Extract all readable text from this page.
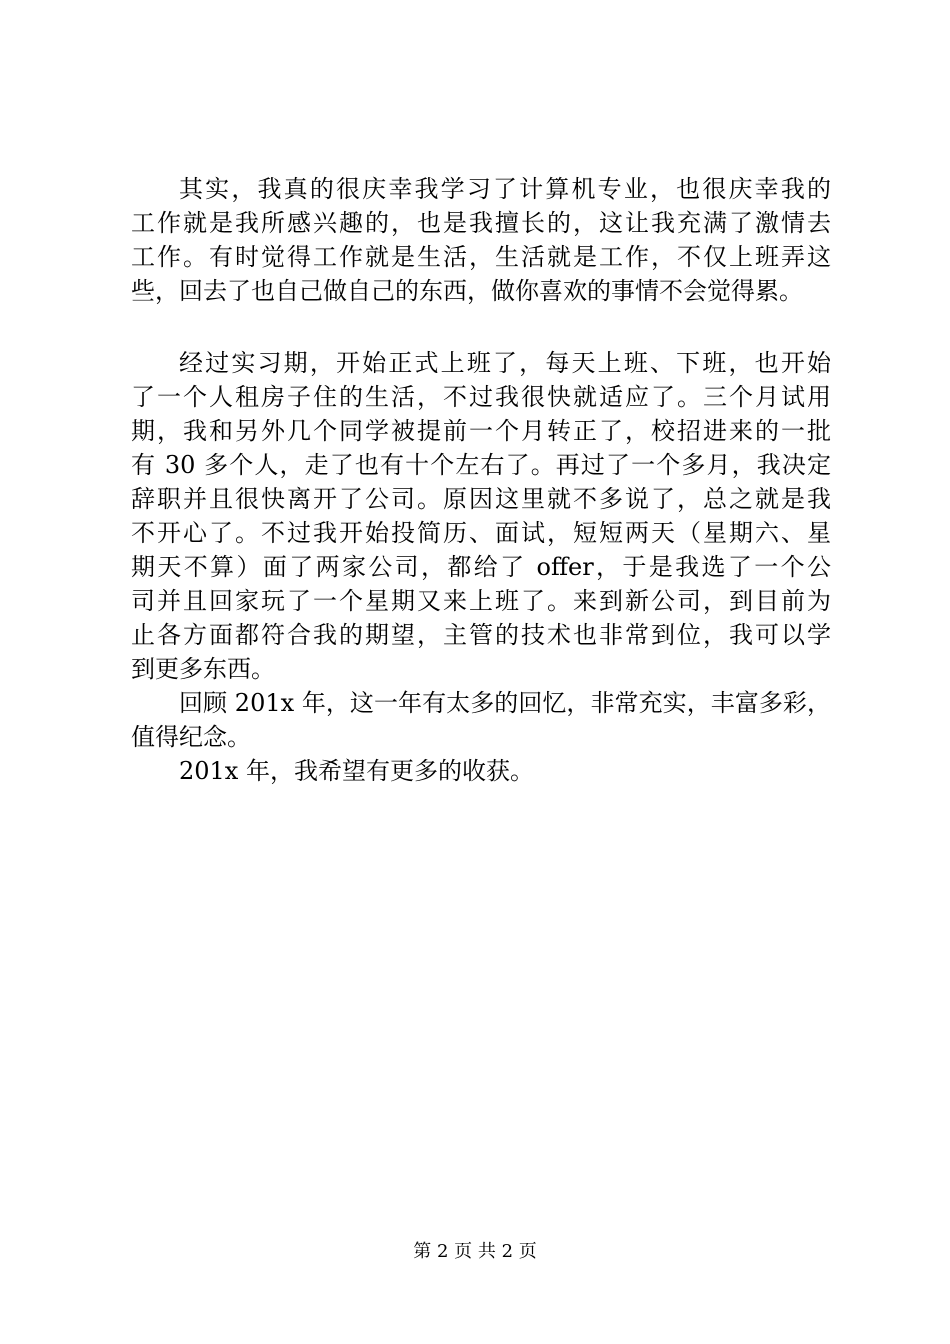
其实，我真的很庆幸我学习了计算机专业，也很庆幸我的
工作就是我所感兴趣的，也是我擅长的，这让我充满了激情去
工作。有时觉得工作就是生活，生活就是工作，不仅上班弄这
些，回去了也自己做自己的东西，做你喜欢的事情不会觉得累。
经过实习期，开始正式上班了，每天上班、下班，也开始
了一个人租房子住的生活，不过我很快就适应了。三个月试用
期，我和另外几个同学被提前一个月转正了，校招进来的一批
有 30 多个人，走了也有十个左右了。再过了一个多月，我决定
辞职并且很快离开了公司。原因这里就不多说了，总之就是我
不开心了。不过我开始投简历、面试，短短两天（星期六、星
期天不算）面了两家公司，都给了 offer，于是我选了一个公
司并且回家玩了一个星期又来上班了。来到新公司，到目前为
止各方面都符合我的期望，主管的技术也非常到位，我可以学
到更多东西。
回顾 201x 年，这一年有太多的回忆，非常充实，丰富多彩，
值得纪念。
201x 年，我希望有更多的收获。
第 2 页 共 2 页
